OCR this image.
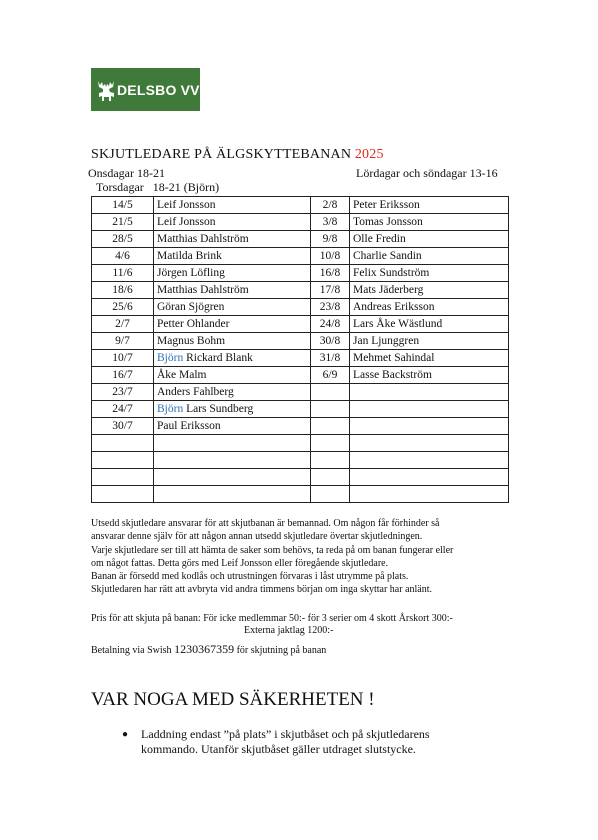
DELSBO VVO
SKJUTLEDARE PÅ ÄLGSKYTTEBANAN 2025
Onsdagar 18-21	Lördagar och söndagar 13-16
Torsdagar   18-21 (Björn)
14/5	Leif Jonsson	2/8	Peter Eriksson
21/5	Leif Jonsson	3/8	Tomas Jonsson
28/5	Matthias Dahlström	9/8	Olle Fredin
4/6	Matilda Brink	10/8	Charlie Sandin
11/6	Jörgen Löfling	16/8	Felix Sundström
18/6	Matthias Dahlström	17/8	Mats Jäderberg
25/6	Göran Sjögren	23/8	Andreas Eriksson
2/7	Petter Ohlander	24/8	Lars Åke Wästlund
9/7	Magnus Bohm	30/8	Jan Ljunggren
10/7	Björn Rickard Blank	31/8	Mehmet Sahindal
16/7	Åke Malm	6/9	Lasse Backström
23/7	Anders Fahlberg		
24/7	Björn Lars Sundberg		
30/7	Paul Eriksson		

Utsedd skjutledare ansvarar för att skjutbanan är bemannad. Om någon får förhinder så
ansvarar denne själv för att någon annan utsedd skjutledare övertar skjutledningen.
Varje skjutledare ser till att hämta de saker som behövs, ta reda på om banan fungerar eller
om något fattas. Detta görs med Leif Jonsson eller föregående skjutledare.
Banan är försedd med kodlås och utrustningen förvaras i låst utrymme på plats.
Skjutledaren har rätt att avbryta vid andra timmens början om inga skyttar har anlänt.
Pris för att skjuta på banan: För icke medlemmar 50:- för 3 serier om 4 skott Årskort 300:-
Externa jaktlag 1200:-
Betalning via Swish 1230367359 för skjutning på banan
VAR NOGA MED SÄKERHETEN !
● Laddning endast ”på plats” i skjutbåset och på skjutledarens kommando. Utanför skjutbåset gäller utdraget slutstycke.
